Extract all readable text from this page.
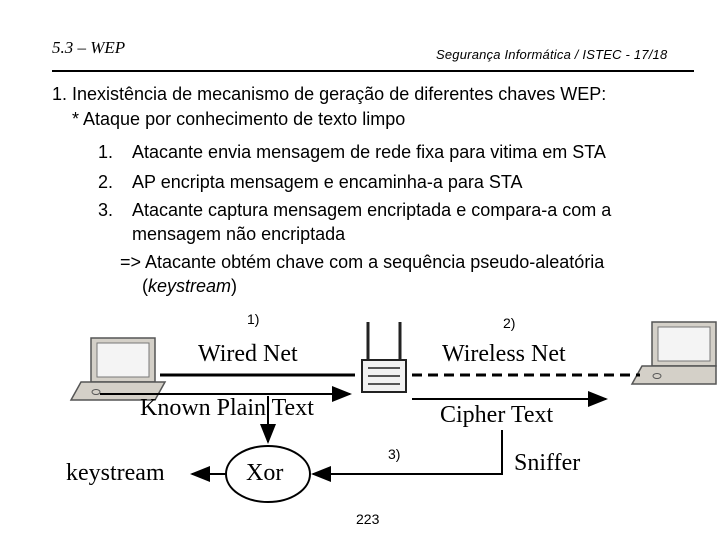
5.3 – WEP	Segurança Informática / ISTEC - 17/18
1. Inexistência de mecanismo de geração de diferentes chaves WEP:
* Ataque por conhecimento de texto limpo
1. Atacante envia mensagem de rede fixa para vitima em STA
2. AP encripta mensagem e encaminha-a para STA
3. Atacante captura mensagem encriptada e compara-a com a
mensagem não encriptada
=> Atacante obtém chave com a sequência pseudo-aleatória
(keystream)
1)	2)
3)
Wired Net	Wireless Net
Known Plain Text	Cipher Text
Xor
keystream	Sniffer
223
